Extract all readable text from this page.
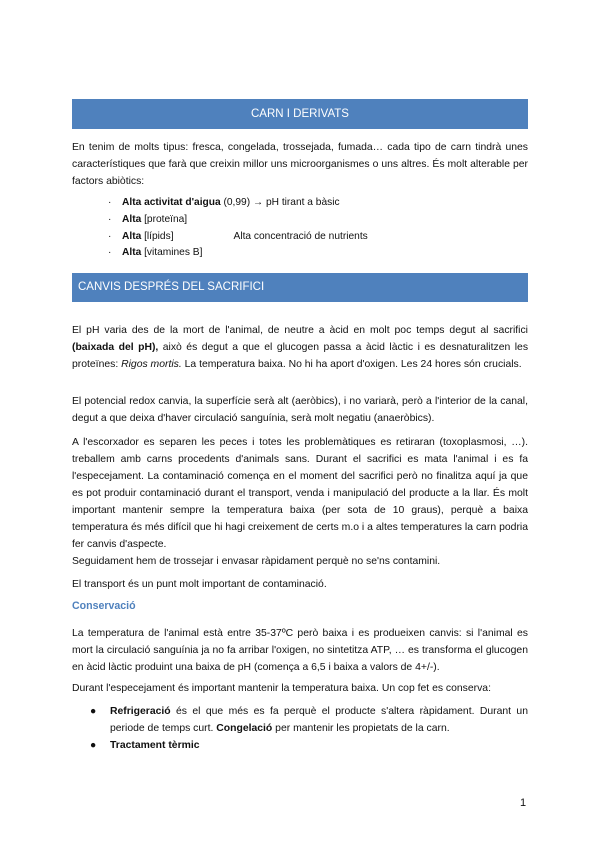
CARN I DERIVATS

En tenim de molts tipus: fresca, congelada, trossejada, fumada… cada tipo de carn tindrà unes característiques que farà que creixin millor uns microorganismes o uns altres. És molt alterable per factors abiòtics:

·	Alta activitat d'aigua (0,99) → pH tirant a bàsic
·	Alta [proteïna]
·	Alta [lípids]	Alta concentració de nutrients
·	Alta [vitamines B]
CANVIS DESPRÉS DEL SACRIFICI

El pH varia des de la mort de l'animal, de neutre a àcid en molt poc temps degut al sacrifici (baixada del pH), això és degut a que el glucogen passa a àcid làctic i es desnaturalitzen les proteïnes: Rigos mortis. La temperatura baixa. No hi ha aport d'oxigen. Les 24 hores són crucials.

El potencial redox canvia, la superfície serà alt (aeròbics), i no variarà, però a l'interior de la canal, degut a que deixa d'haver circulació sanguínia, serà molt negatiu (anaeròbics).

A l'escorxador es separen les peces i totes les problemàtiques es retiraran (toxoplasmosi, …). treballem amb carns procedents d'animals sans. Durant el sacrifici es mata l'animal i es fa l'especejament. La contaminació comença en el moment del sacrifici però no finalitza aquí ja que es pot produir contaminació durant el transport, venda i manipulació del producte a la llar. És molt important mantenir sempre la temperatura baixa (per sota de 10 graus), perquè a baixa temperatura és més difícil que hi hagi creixement de certs m.o i a altes temperatures la carn podria fer canvis d'aspecte.

Seguidament hem de trossejar i envasar ràpidament perquè no se'ns contamini.

El transport és un punt molt important de contaminació.

Conservació

La temperatura de l'animal està entre 35-37ºC però baixa i es produeixen canvis: si l'animal es mort la circulació sanguínia ja no fa arribar l'oxigen, no sintetitza ATP, … es transforma el glucogen en àcid làctic produint una baixa de pH (comença a 6,5 i baixa a valors de 4+/-).

Durant l'especejament és important mantenir la temperatura baixa. Un cop fet es conserva:

● Refrigeració és el que més es fa perquè el producte s'altera ràpidament. Durant un periode de temps curt. Congelació per mantenir les propietats de la carn.
● Tractament tèrmic
1
